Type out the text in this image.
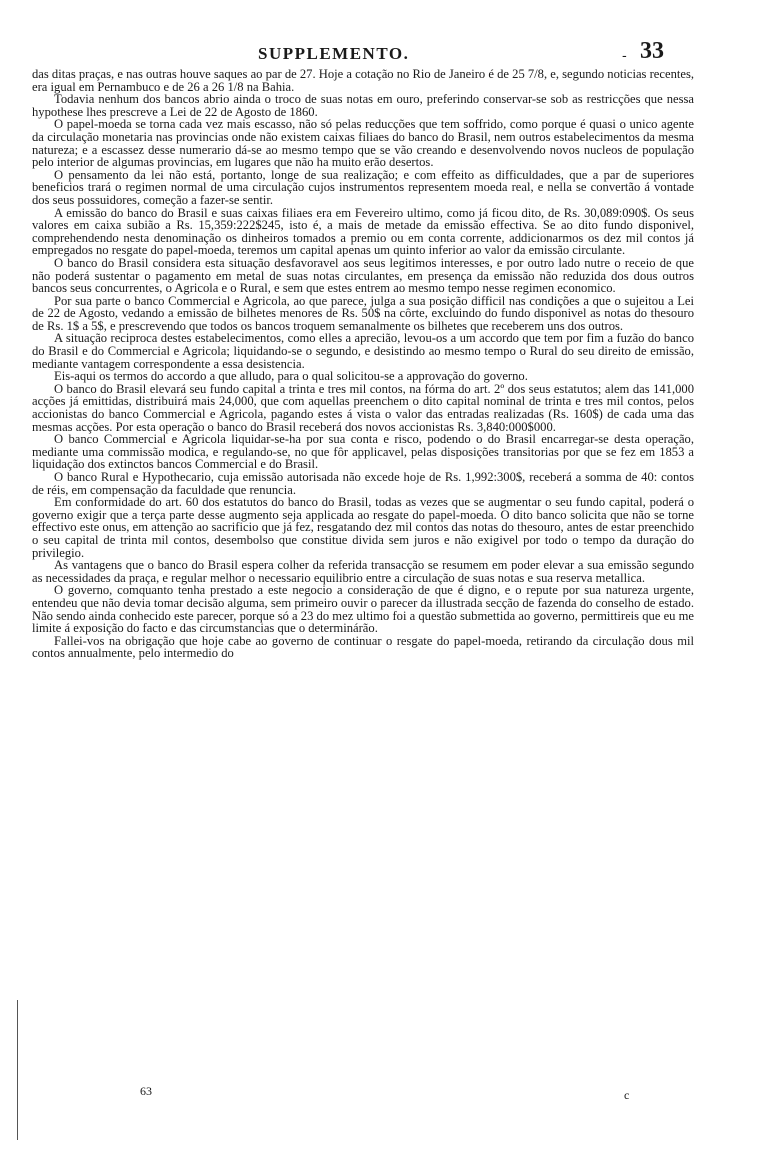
SUPPLEMENTO.	- 33

das ditas praças, e nas outras houve saques ao par de 27. Hoje a cotação no Rio de Janeiro é de 25 7/8, e, segundo noticias recentes, era igual em Pernambuco e de 26 a 26 1/8 na Bahia.

Todavia nenhum dos bancos abrio ainda o troco de suas notas em ouro, preferindo conservar-se sob as restricções que nessa hypothese lhes prescreve a Lei de 22 de Agosto de 1860.

O papel-moeda se torna cada vez mais escasso, não só pelas reducções que tem soffrido, como porque é quasi o unico agente da circulação monetaria nas provincias onde não existem caixas filiaes do banco do Brasil, nem outros estabelecimentos da mesma natureza; e a escassez desse numerario dá-se ao mesmo tempo que se vão creando e desenvolvendo novos nucleos de população pelo interior de algumas provincias, em lugares que não ha muito erão desertos.

O pensamento da lei não está, portanto, longe de sua realização; e com effeito as difficuldades, que a par de superiores beneficios trará o regimen normal de uma circulação cujos instrumentos representem moeda real, e nella se convertão á vontade dos seus possuidores, começão a fazer-se sentir.

A emissão do banco do Brasil e suas caixas filiaes era em Fevereiro ultimo, como já ficou dito, de Rs. 30,089:090$. Os seus valores em caixa subião a Rs. 15,359:222$245, isto é, a mais de metade da emissão effectiva. Se ao dito fundo disponivel, comprehendendo nesta denominação os dinheiros tomados a premio ou em conta corrente, addicionarmos os dez mil contos já empregados no resgate do papel-moeda, teremos um capital apenas um quinto inferior ao valor da emissão circulante.

O banco do Brasil considera esta situação desfavoravel aos seus legitimos interesses, e por outro lado nutre o receio de que não poderá sustentar o pagamento em metal de suas notas circulantes, em presença da emissão não reduzida dos dous outros bancos seus concurrentes, o Agricola e o Rural, e sem que estes entrem ao mesmo tempo nesse regimen economico.

Por sua parte o banco Commercial e Agricola, ao que parece, julga a sua posição difficil nas condições a que o sujeitou a Lei de 22 de Agosto, vedando a emissão de bilhetes menores de Rs. 50$ na côrte, excluindo do fundo disponivel as notas do thesouro de Rs. 1$ a 5$, e prescrevendo que todos os bancos troquem semanalmente os bilhetes que receberem uns dos outros.

A situação reciproca destes estabelecimentos, como elles a aprecião, levou-os a um accordo que tem por fim a fuzão do banco do Brasil e do Commercial e Agricola; liquidando-se o segundo, e desistindo ao mesmo tempo o Rural do seu direito de emissão, mediante vantagem correspondente a essa desistencia.

Eis-aqui os termos do accordo a que alludo, para o qual solicitou-se a approvação do governo.

O banco do Brasil elevará seu fundo capital a trinta e tres mil contos, na fórma do art. 2º dos seus estatutos; alem das 141,000 acções já emittidas, distribuirá mais 24,000, que com aquellas preenchem o dito capital nominal de trinta e tres mil contos, pelos accionistas do banco Commercial e Agricola, pagando estes á vista o valor das entradas realizadas (Rs. 160$) de cada uma das mesmas acções. Por esta operação o banco do Brasil receberá dos novos accionistas Rs. 3,840:000$000.

O banco Commercial e Agricola liquidar-se-ha por sua conta e risco, podendo o do Brasil encarregar-se desta operação, mediante uma commissão modica, e regulando-se, no que fôr applicavel, pelas disposições transitorias por que se fez em 1853 a liquidação dos extinctos bancos Commercial e do Brasil.

O banco Rural e Hypothecario, cuja emissão autorisada não excede hoje de Rs. 1,992:300$, receberá a somma de 40: contos de réis, em compensação da faculdade que renuncia.

Em conformidade do art. 60 dos estatutos do banco do Brasil, todas as vezes que se augmentar o seu fundo capital, poderá o governo exigir que a terça parte desse augmento seja applicada ao resgate do papel-moeda. O dito banco solicita que não se torne effectivo este onus, em attenção ao sacrificio que já fez, resgatando dez mil contos das notas do thesouro, antes de estar preenchido o seu capital de trinta mil contos, desembolso que constitue divida sem juros e não exigivel por todo o tempo da duração do privilegio.

As vantagens que o banco do Brasil espera colher da referida transacção se resumem em poder elevar a sua emissão segundo as necessidades da praça, e regular melhor o necessario equilibrio entre a circulação de suas notas e sua reserva metallica.

O governo, comquanto tenha prestado a este negocio a consideração de que é digno, e o repute por sua natureza urgente, entendeu que não devia tomar decisão alguma, sem primeiro ouvir o parecer da illustrada secção de fazenda do conselho de estado. Não sendo ainda conhecido este parecer, porque só a 23 do mez ultimo foi a questão submettida ao governo, permittireis que eu me limite á exposição do facto e das circumstancias que o determinárão.

Fallei-vos na obrigação que hoje cabe ao governo de continuar o resgate do papel-moeda, retirando da circulação dous mil contos annualmente, pelo intermedio do

63	c
